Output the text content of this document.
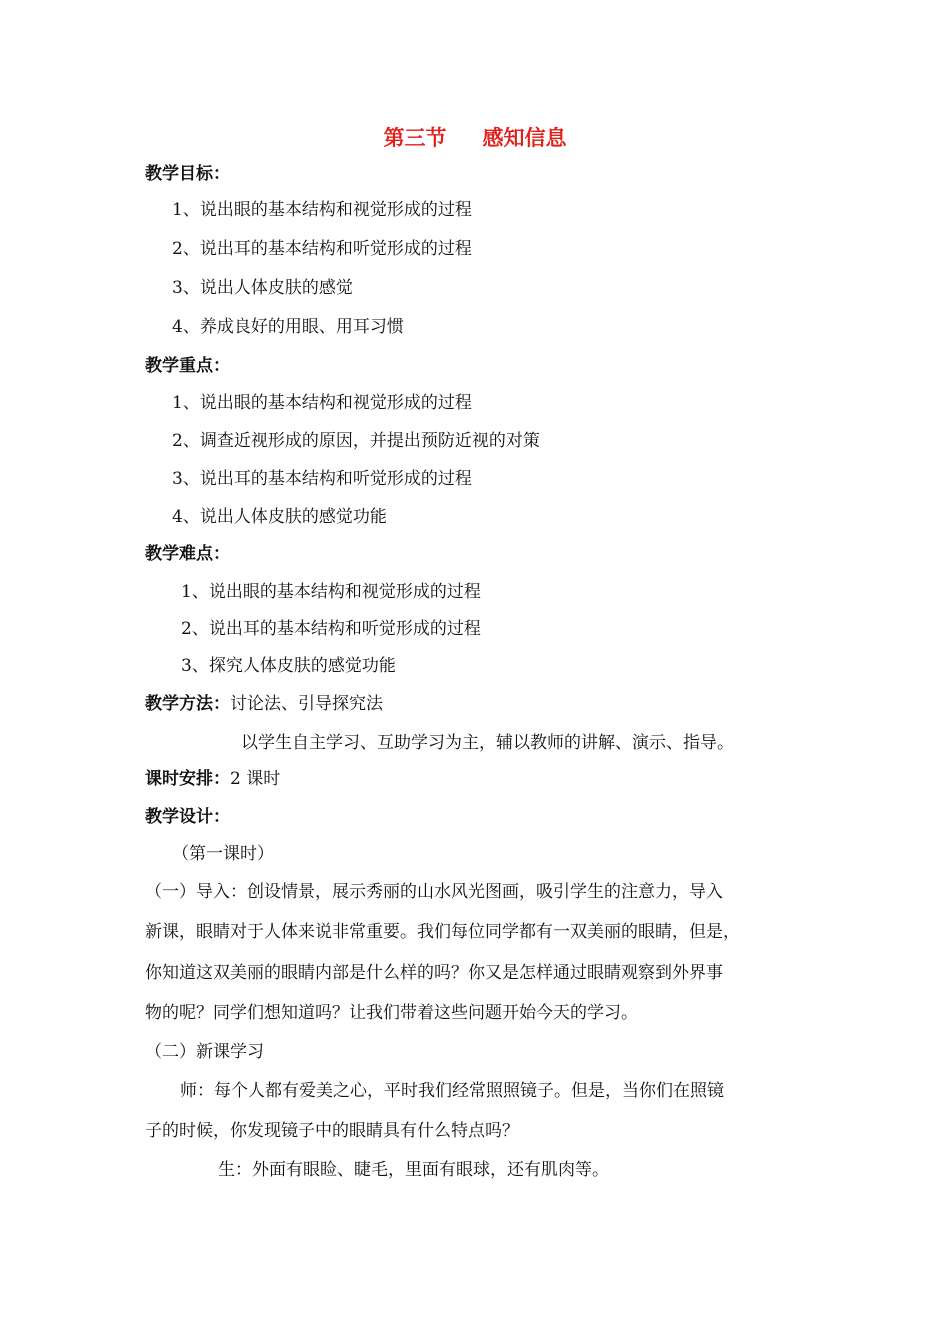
第三节 感知信息
教学目标：
1、说出眼的基本结构和视觉形成的过程
2、说出耳的基本结构和听觉形成的过程
3、说出人体皮肤的感觉
4、养成良好的用眼、用耳习惯
教学重点：
1、说出眼的基本结构和视觉形成的过程
2、调查近视形成的原因，并提出预防近视的对策
3、说出耳的基本结构和听觉形成的过程
4、说出人体皮肤的感觉功能
教学难点：
1、说出眼的基本结构和视觉形成的过程
2、说出耳的基本结构和听觉形成的过程
3、探究人体皮肤的感觉功能
教学方法：讨论法、引导探究法
以学生自主学习、互助学习为主，辅以教师的讲解、演示、指导。
课时安排：2 课时
教学设计：
（第一课时）
（一）导入：创设情景，展示秀丽的山水风光图画，吸引学生的注意力，导入
新课，眼睛对于人体来说非常重要。我们每位同学都有一双美丽的眼睛，但是，
你知道这双美丽的眼睛内部是什么样的吗？你又是怎样通过眼睛观察到外界事
物的呢？同学们想知道吗？让我们带着这些问题开始今天的学习。
（二）新课学习
师：每个人都有爱美之心，平时我们经常照照镜子。但是，当你们在照镜
子的时候，你发现镜子中的眼睛具有什么特点吗？
生：外面有眼睑、睫毛，里面有眼球，还有肌肉等。
